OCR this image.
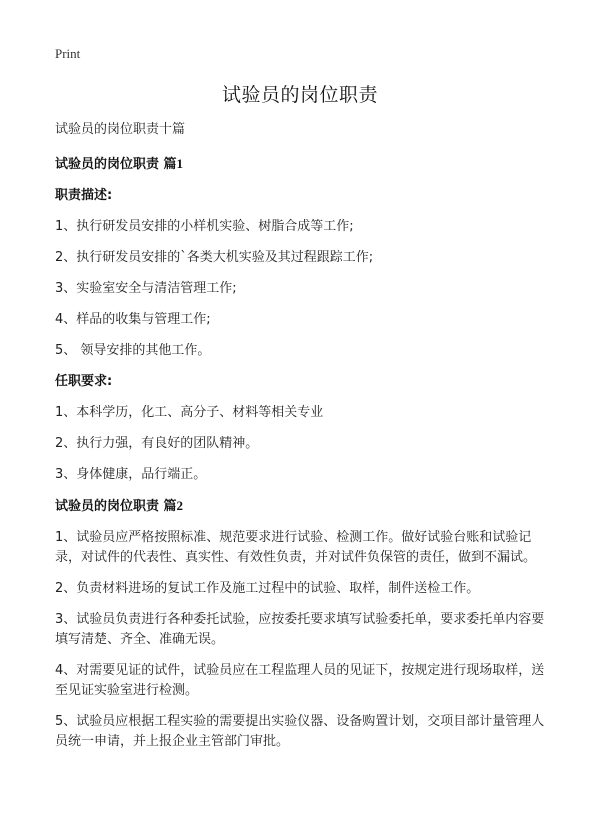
Print
试验员的岗位职责
试验员的岗位职责十篇
试验员的岗位职责 篇1
职责描述:
1、执行研发员安排的小样机实验、树脂合成等工作;
2、执行研发员安排的`各类大机实验及其过程跟踪工作;
3、实验室安全与清洁管理工作;
4、样品的收集与管理工作;
5、 领导安排的其他工作。
任职要求:
1、本科学历，化工、高分子、材料等相关专业
2、执行力强，有良好的团队精神。
3、身体健康，品行端正。
试验员的岗位职责 篇2
1、试验员应严格按照标准、规范要求进行试验、检测工作。做好试验台账和试验记录，对试件的代表性、真实性、有效性负责，并对试件负保管的责任，做到不漏试。
2、负责材料进场的复试工作及施工过程中的试验、取样，制件送检工作。
3、试验员负责进行各种委托试验，应按委托要求填写试验委托单，要求委托单内容要填写清楚、齐全、准确无误。
4、对需要见证的试件，试验员应在工程监理人员的见证下，按规定进行现场取样，送至见证实验室进行检测。
5、试验员应根据工程实验的需要提出实验仪器、设备购置计划，交项目部计量管理人员统一申请，并上报企业主管部门审批。
